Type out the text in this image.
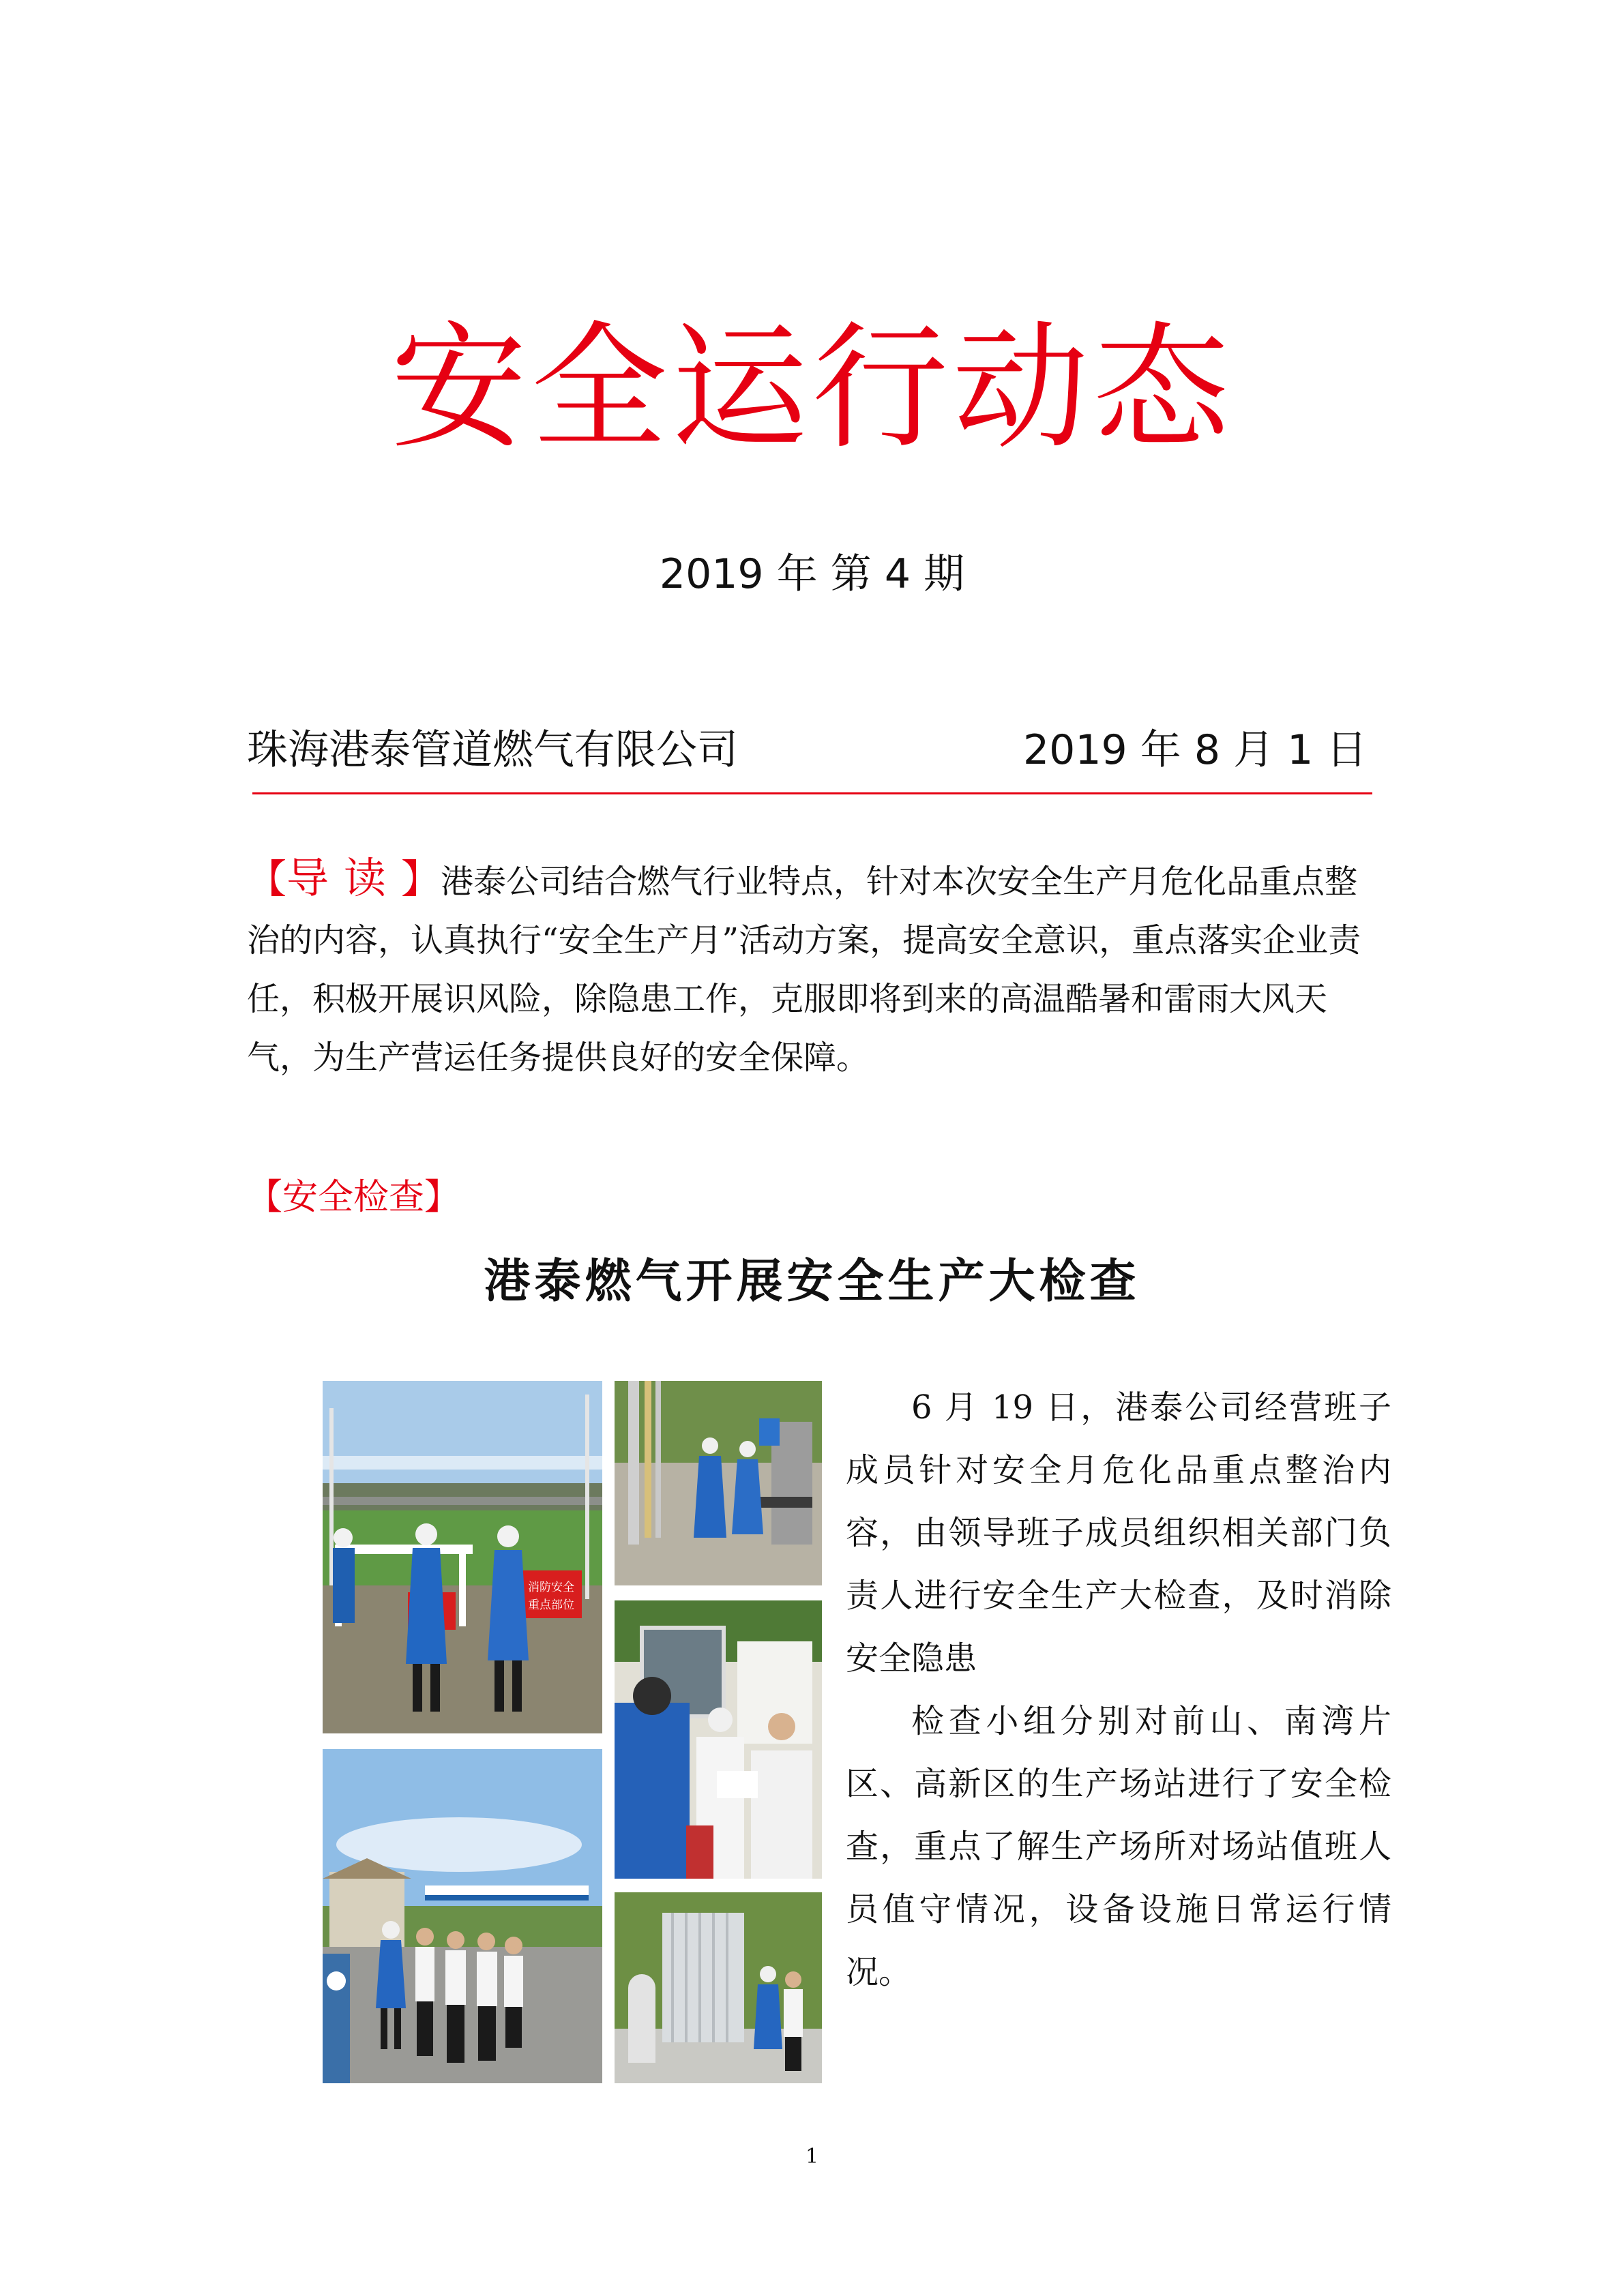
安全运行动态
2019 年 第 4 期
珠海港泰管道燃气有限公司	2019 年 8 月 1 日
【导读】港泰公司结合燃气行业特点，针对本次安全生产月危化品重点整治的内容，认真执行“安全生产月”活动方案，提高安全意识，重点落实企业责任，积极开展识风险，除隐患工作，克服即将到来的高温酷暑和雷雨大风天气，为生产营运任务提供良好的安全保障。
【安全检查】
港泰燃气开展安全生产大检查
消防安全
重点部位

6 月 19 日，港泰公司经营班子成员针对安全月危化品重点整治内容，由领导班子成员组织相关部门负责人进行安全生产大检查，及时消除安全隐患

检查小组分别对前山、南湾片区、高新区的生产场站进行了安全检查，重点了解生产场所对场站值班人员值守情况，设备设施日常运行情况。

1
